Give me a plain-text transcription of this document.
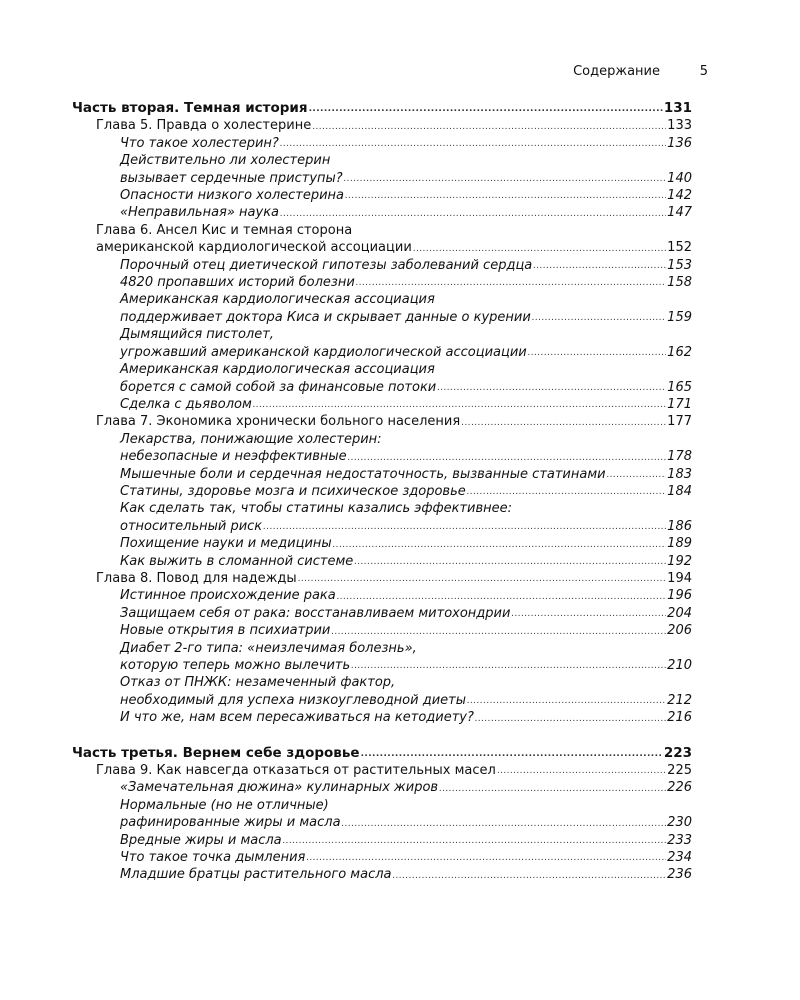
Содержание	5
Часть вторая. Темная история .....	131
Глава 5. Правда о холестерине .....	133
Что такое холестерин? .....	136
Действительно ли холестерин
вызывает сердечные приступы? .....	140
Опасности низкого холестерина .....	142
«Неправильная» наука .....	147
Глава 6. Ансел Кис и темная сторона
американской кардиологической ассоциации .....	152
Порочный отец диетической гипотезы заболеваний сердца .....	153
4820 пропавших историй болезни .....	158
Американская кардиологическая ассоциация
поддерживает доктора Киса и скрывает данные о курении .....	159
Дымящийся пистолет,
угрожавший американской кардиологической ассоциации .....	162
Американская кардиологическая ассоциация
борется с самой собой за финансовые потоки .....	165
Сделка с дьяволом .....	171
Глава 7. Экономика хронически больного населения .....	177
Лекарства, понижающие холестерин:
небезопасные и неэффективные .....	178
Мышечные боли и сердечная недостаточность, вызванные статинами .....	183
Статины, здоровье мозга и психическое здоровье .....	184
Как сделать так, чтобы статины казались эффективнее:
относительный риск .....	186
Похищение науки и медицины .....	189
Как выжить в сломанной системе .....	192
Глава 8. Повод для надежды .....	194
Истинное происхождение рака .....	196
Защищаем себя от рака: восстанавливаем митохондрии .....	204
Новые открытия в психиатрии .....	206
Диабет 2-го типа: «неизлечимая болезнь»,
которую теперь можно вылечить .....	210
Отказ от ПНЖК: незамеченный фактор,
необходимый для успеха низкоуглеводной диеты .....	212
И что же, нам всем пересаживаться на кетодиету? .....	216
Часть третья. Вернем себе здоровье .....	223
Глава 9. Как навсегда отказаться от растительных масел .....	225
«Замечательная дюжина» кулинарных жиров .....	226
Нормальные (но не отличные)
рафинированные жиры и масла .....	230
Вредные жиры и масла .....	233
Что такое точка дымления .....	234
Младшие братцы растительного масла .....	236
